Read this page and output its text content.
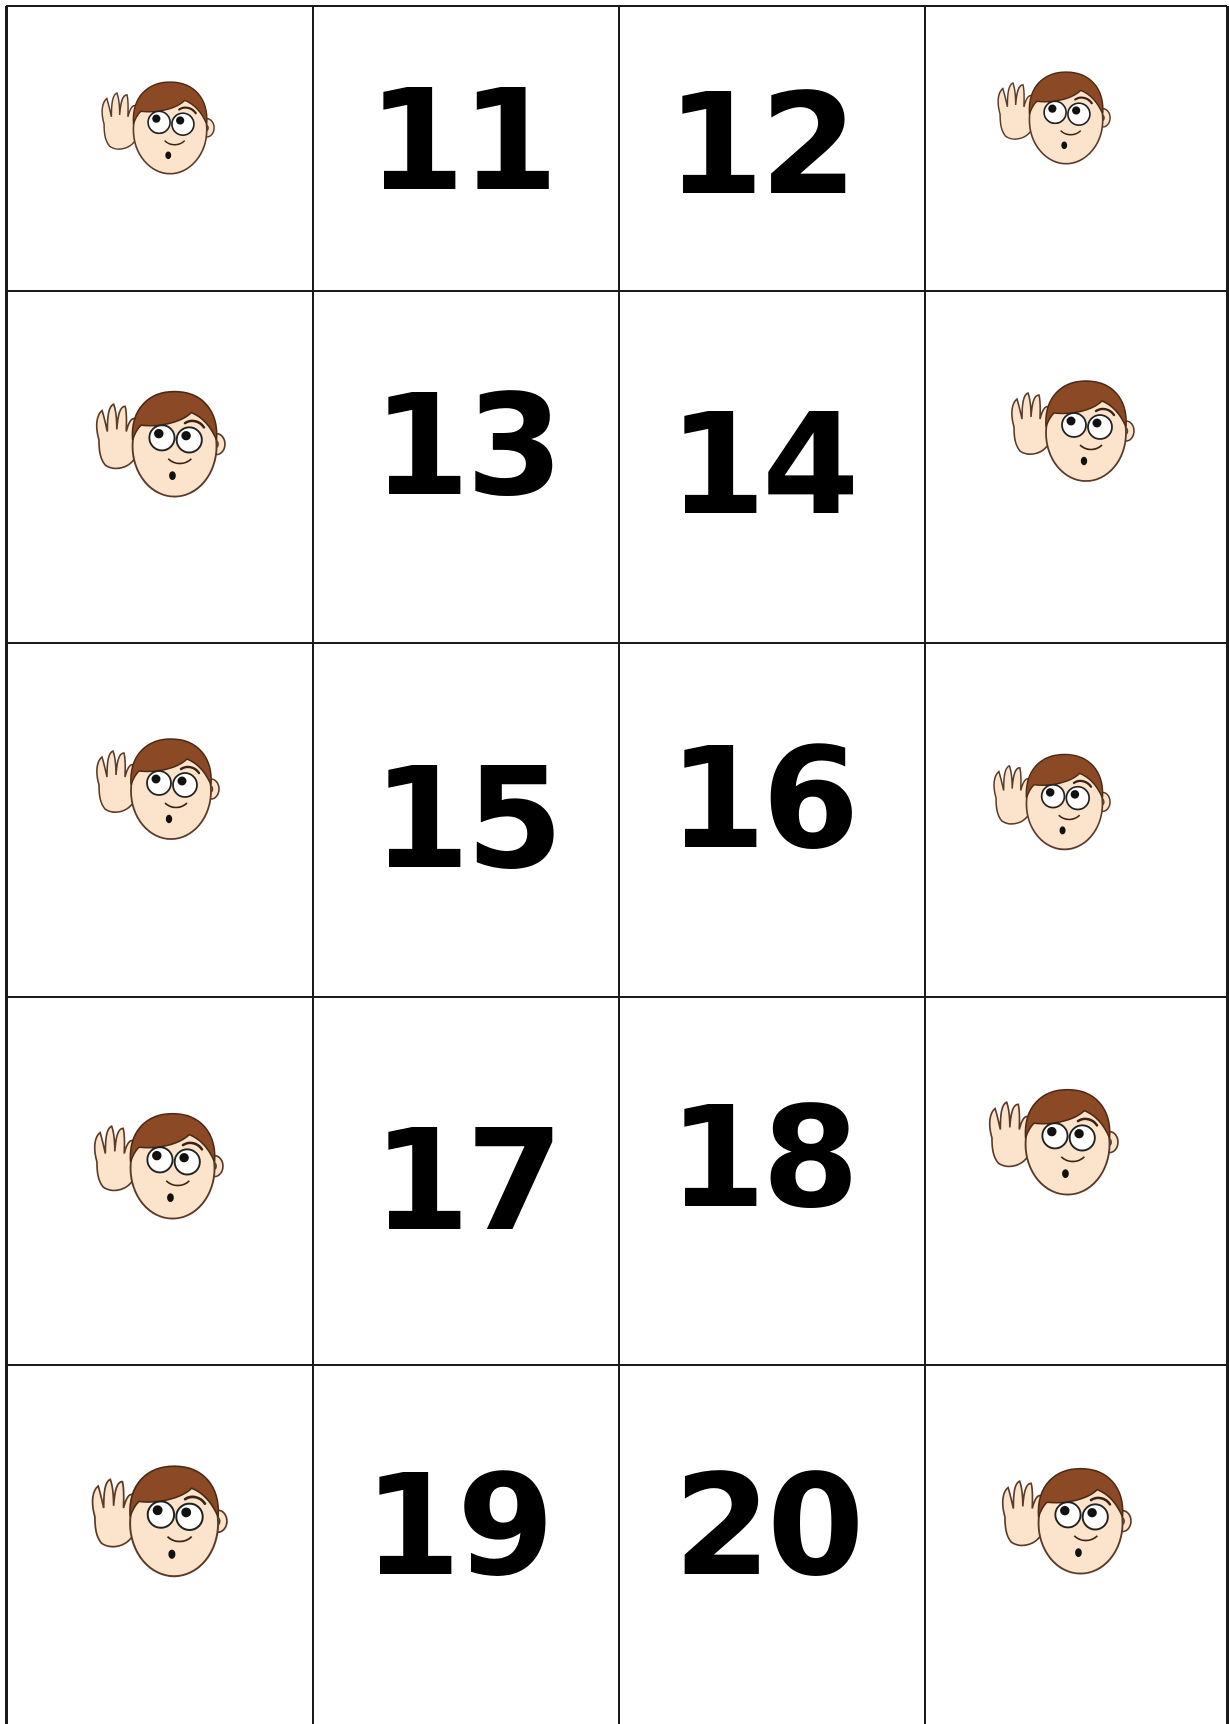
11 12
13 14
15 16
17 18
19 20
